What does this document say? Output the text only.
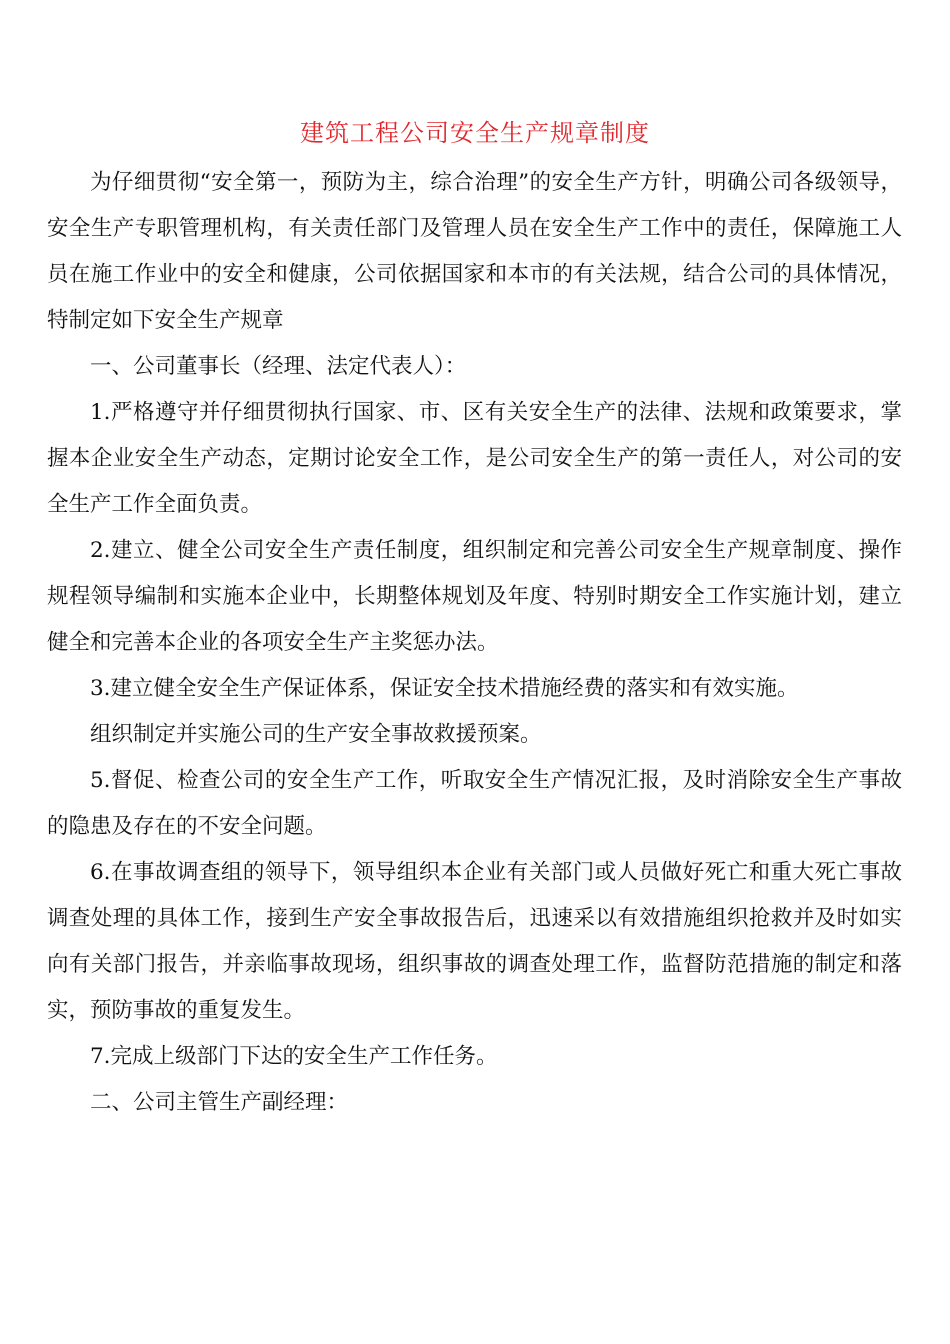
建筑工程公司安全生产规章制度

为仔细贯彻“安全第一，预防为主，综合治理”的安全生产方针，明确公司各级领导，安全生产专职管理机构，有关责任部门及管理人员在安全生产工作中的责任，保障施工人员在施工作业中的安全和健康，公司依据国家和本市的有关法规，结合公司的具体情况，特制定如下安全生产规章

一、公司董事长（经理、法定代表人）：

1.严格遵守并仔细贯彻执行国家、市、区有关安全生产的法律、法规和政策要求，掌握本企业安全生产动态，定期讨论安全工作，是公司安全生产的第一责任人，对公司的安全生产工作全面负责。

2.建立、健全公司安全生产责任制度，组织制定和完善公司安全生产规章制度、操作规程领导编制和实施本企业中，长期整体规划及年度、特别时期安全工作实施计划，建立健全和完善本企业的各项安全生产主奖惩办法。

3.建立健全安全生产保证体系，保证安全技术措施经费的落实和有效实施。

组织制定并实施公司的生产安全事故救援预案。

5.督促、检查公司的安全生产工作，听取安全生产情况汇报，及时消除安全生产事故的隐患及存在的不安全问题。

6.在事故调查组的领导下，领导组织本企业有关部门或人员做好死亡和重大死亡事故调查处理的具体工作，接到生产安全事故报告后，迅速采以有效措施组织抢救并及时如实向有关部门报告，并亲临事故现场，组织事故的调查处理工作，监督防范措施的制定和落实，预防事故的重复发生。

7.完成上级部门下达的安全生产工作任务。

二、公司主管生产副经理：
